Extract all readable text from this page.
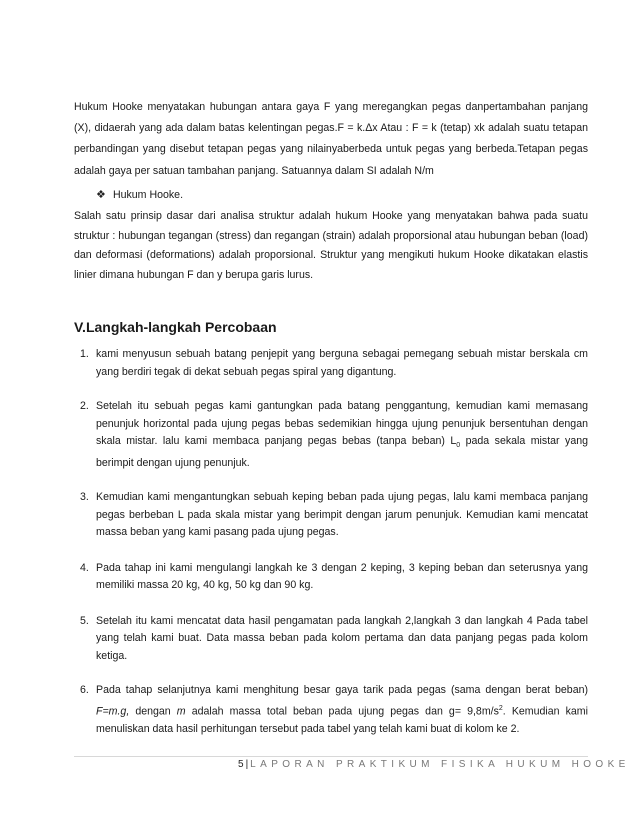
Hukum Hooke menyatakan hubungan antara gaya F yang meregangkan pegas danpertambahan panjang (X), didaerah yang ada dalam batas kelentingan pegas.F = k.Δx Atau : F = k (tetap) xk adalah suatu tetapan perbandingan yang disebut tetapan pegas yang nilainyaberbeda untuk pegas yang berbeda.Tetapan pegas adalah gaya per satuan tambahan panjang. Satuannya dalam SI adalah N/m

❖ Hukum Hooke.

Salah satu prinsip dasar dari analisa struktur adalah hukum Hooke yang menyatakan bahwa pada suatu struktur : hubungan tegangan (stress) dan regangan (strain) adalah proporsional atau hubungan beban (load) dan deformasi (deformations) adalah proporsional. Struktur yang mengikuti hukum Hooke dikatakan elastis linier dimana hubungan F dan y berupa garis lurus.

V.Langkah-langkah Percobaan
1. kami menyusun sebuah batang penjepit yang berguna sebagai pemegang sebuah mistar berskala cm yang berdiri tegak di dekat sebuah pegas spiral yang digantung.
2. Setelah itu sebuah pegas kami gantungkan pada batang penggantung, kemudian kami memasang penunjuk horizontal pada ujung pegas bebas sedemikian hingga ujung penunjuk bersentuhan dengan skala mistar. lalu kami membaca panjang pegas bebas (tanpa beban) $L_0$ pada sekala mistar yang berimpit dengan ujung penunjuk.
3. Kemudian kami mengantungkan sebuah keping beban pada ujung pegas, lalu kami membaca panjang pegas berbeban L pada skala mistar yang berimpit dengan jarum penunjuk. Kemudian kami mencatat massa beban yang kami pasang pada ujung pegas.
4. Pada tahap ini kami mengulangi langkah ke 3 dengan 2 keping, 3 keping beban dan seterusnya yang memiliki massa 20 kg, 40 kg, 50 kg dan 90 kg.
5. Setelah itu kami mencatat data hasil pengamatan pada langkah 2,langkah 3 dan langkah 4 Pada tabel yang telah kami buat. Data massa beban pada kolom pertama dan data panjang pegas pada kolom ketiga.
6. Pada tahap selanjutnya kami menghitung besar gaya tarik pada pegas (sama dengan berat beban) F=m.g, dengan m adalah massa total beban pada ujung pegas dan $g= 9,8m/s^2$. Kemudian kami menuliskan data hasil perhitungan tersebut pada tabel yang telah kami buat di kolom ke 2.
5|LAPORAN PRAKTIKUM FISIKA HUKUM HOOKE
